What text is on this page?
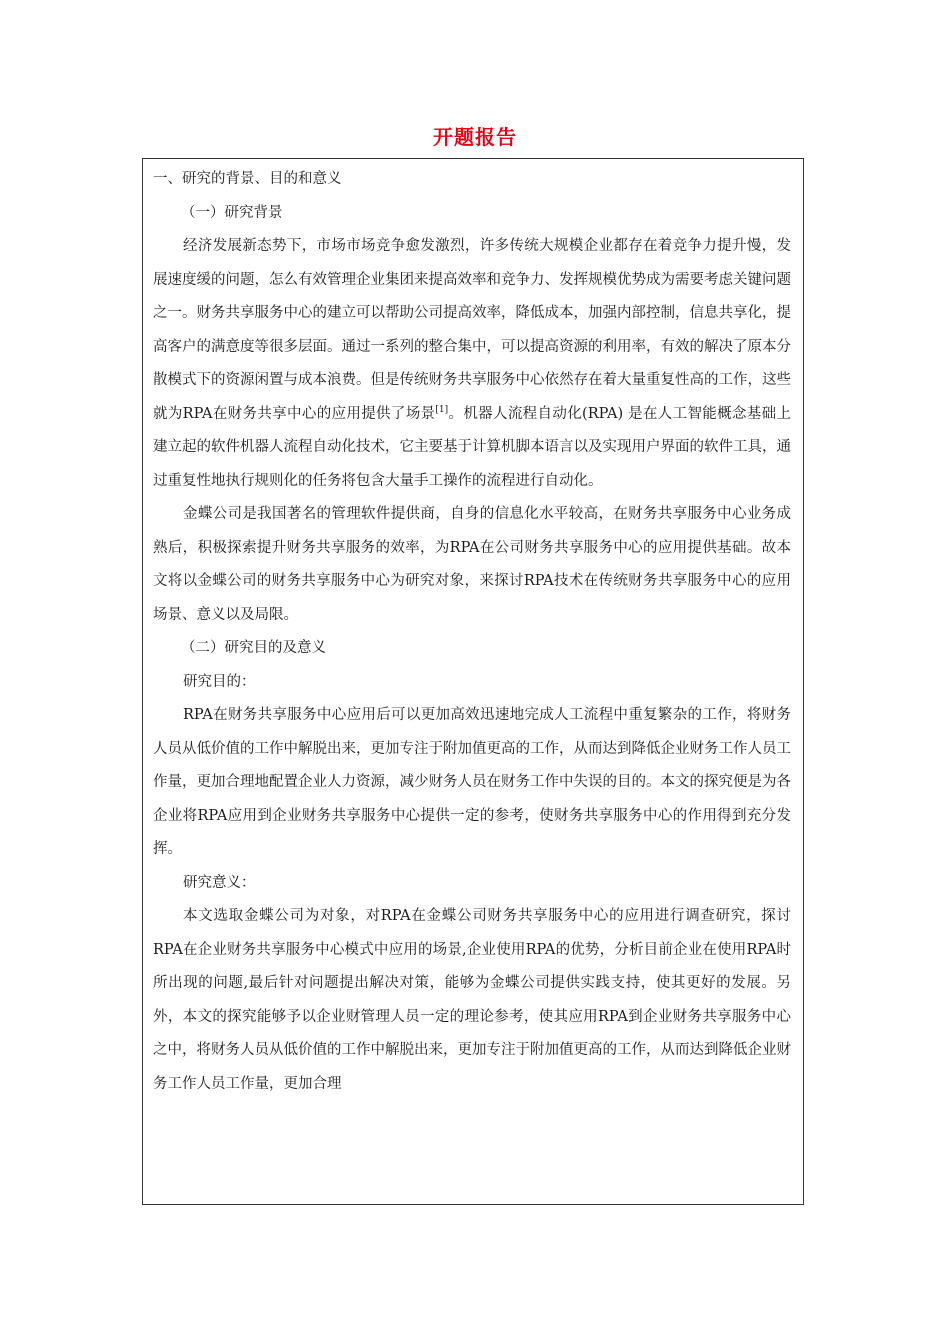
开题报告

一、研究的背景、目的和意义

（一）研究背景

经济发展新态势下，市场市场竞争愈发激烈，许多传统大规模企业都存在着竞争力提升慢，发展速度缓的问题，怎么有效管理企业集团来提高效率和竞争力、发挥规模优势成为需要考虑关键问题之一。财务共享服务中心的建立可以帮助公司提高效率，降低成本，加强内部控制，信息共享化，提高客户的满意度等很多层面。通过一系列的整合集中，可以提高资源的利用率，有效的解决了原本分散模式下的资源闲置与成本浪费。但是传统财务共享服务中心依然存在着大量重复性高的工作，这些就为RPA在财务共享中心的应用提供了场景[1]。机器人流程自动化(RPA) 是在人工智能概念基础上建立起的软件机器人流程自动化技术，它主要基于计算机脚本语言以及实现用户界面的软件工具，通过重复性地执行规则化的任务将包含大量手工操作的流程进行自动化。

金蝶公司是我国著名的管理软件提供商，自身的信息化水平较高，在财务共享服务中心业务成熟后，积极探索提升财务共享服务的效率，为RPA在公司财务共享服务中心的应用提供基础。故本文将以金蝶公司的财务共享服务中心为研究对象，来探讨RPA技术在传统财务共享服务中心的应用场景、意义以及局限。

（二）研究目的及意义

研究目的：

RPA在财务共享服务中心应用后可以更加高效迅速地完成人工流程中重复繁杂的工作，将财务人员从低价值的工作中解脱出来，更加专注于附加值更高的工作，从而达到降低企业财务工作人员工作量，更加合理地配置企业人力资源，减少财务人员在财务工作中失误的目的。本文的探究便是为各企业将RPA应用到企业财务共享服务中心提供一定的参考，使财务共享服务中心的作用得到充分发挥。

研究意义：

本文选取金蝶公司为对象，对RPA在金蝶公司财务共享服务中心的应用进行调查研究，探讨RPA在企业财务共享服务中心模式中应用的场景,企业使用RPA的优势，分析目前企业在使用RPA时所出现的问题,最后针对问题提出解决对策，能够为金蝶公司提供实践支持，使其更好的发展。另外，本文的探究能够予以企业财管理人员一定的理论参考，使其应用RPA到企业财务共享服务中心之中，将财务人员从低价值的工作中解脱出来，更加专注于附加值更高的工作，从而达到降低企业财务工作人员工作量，更加合理
